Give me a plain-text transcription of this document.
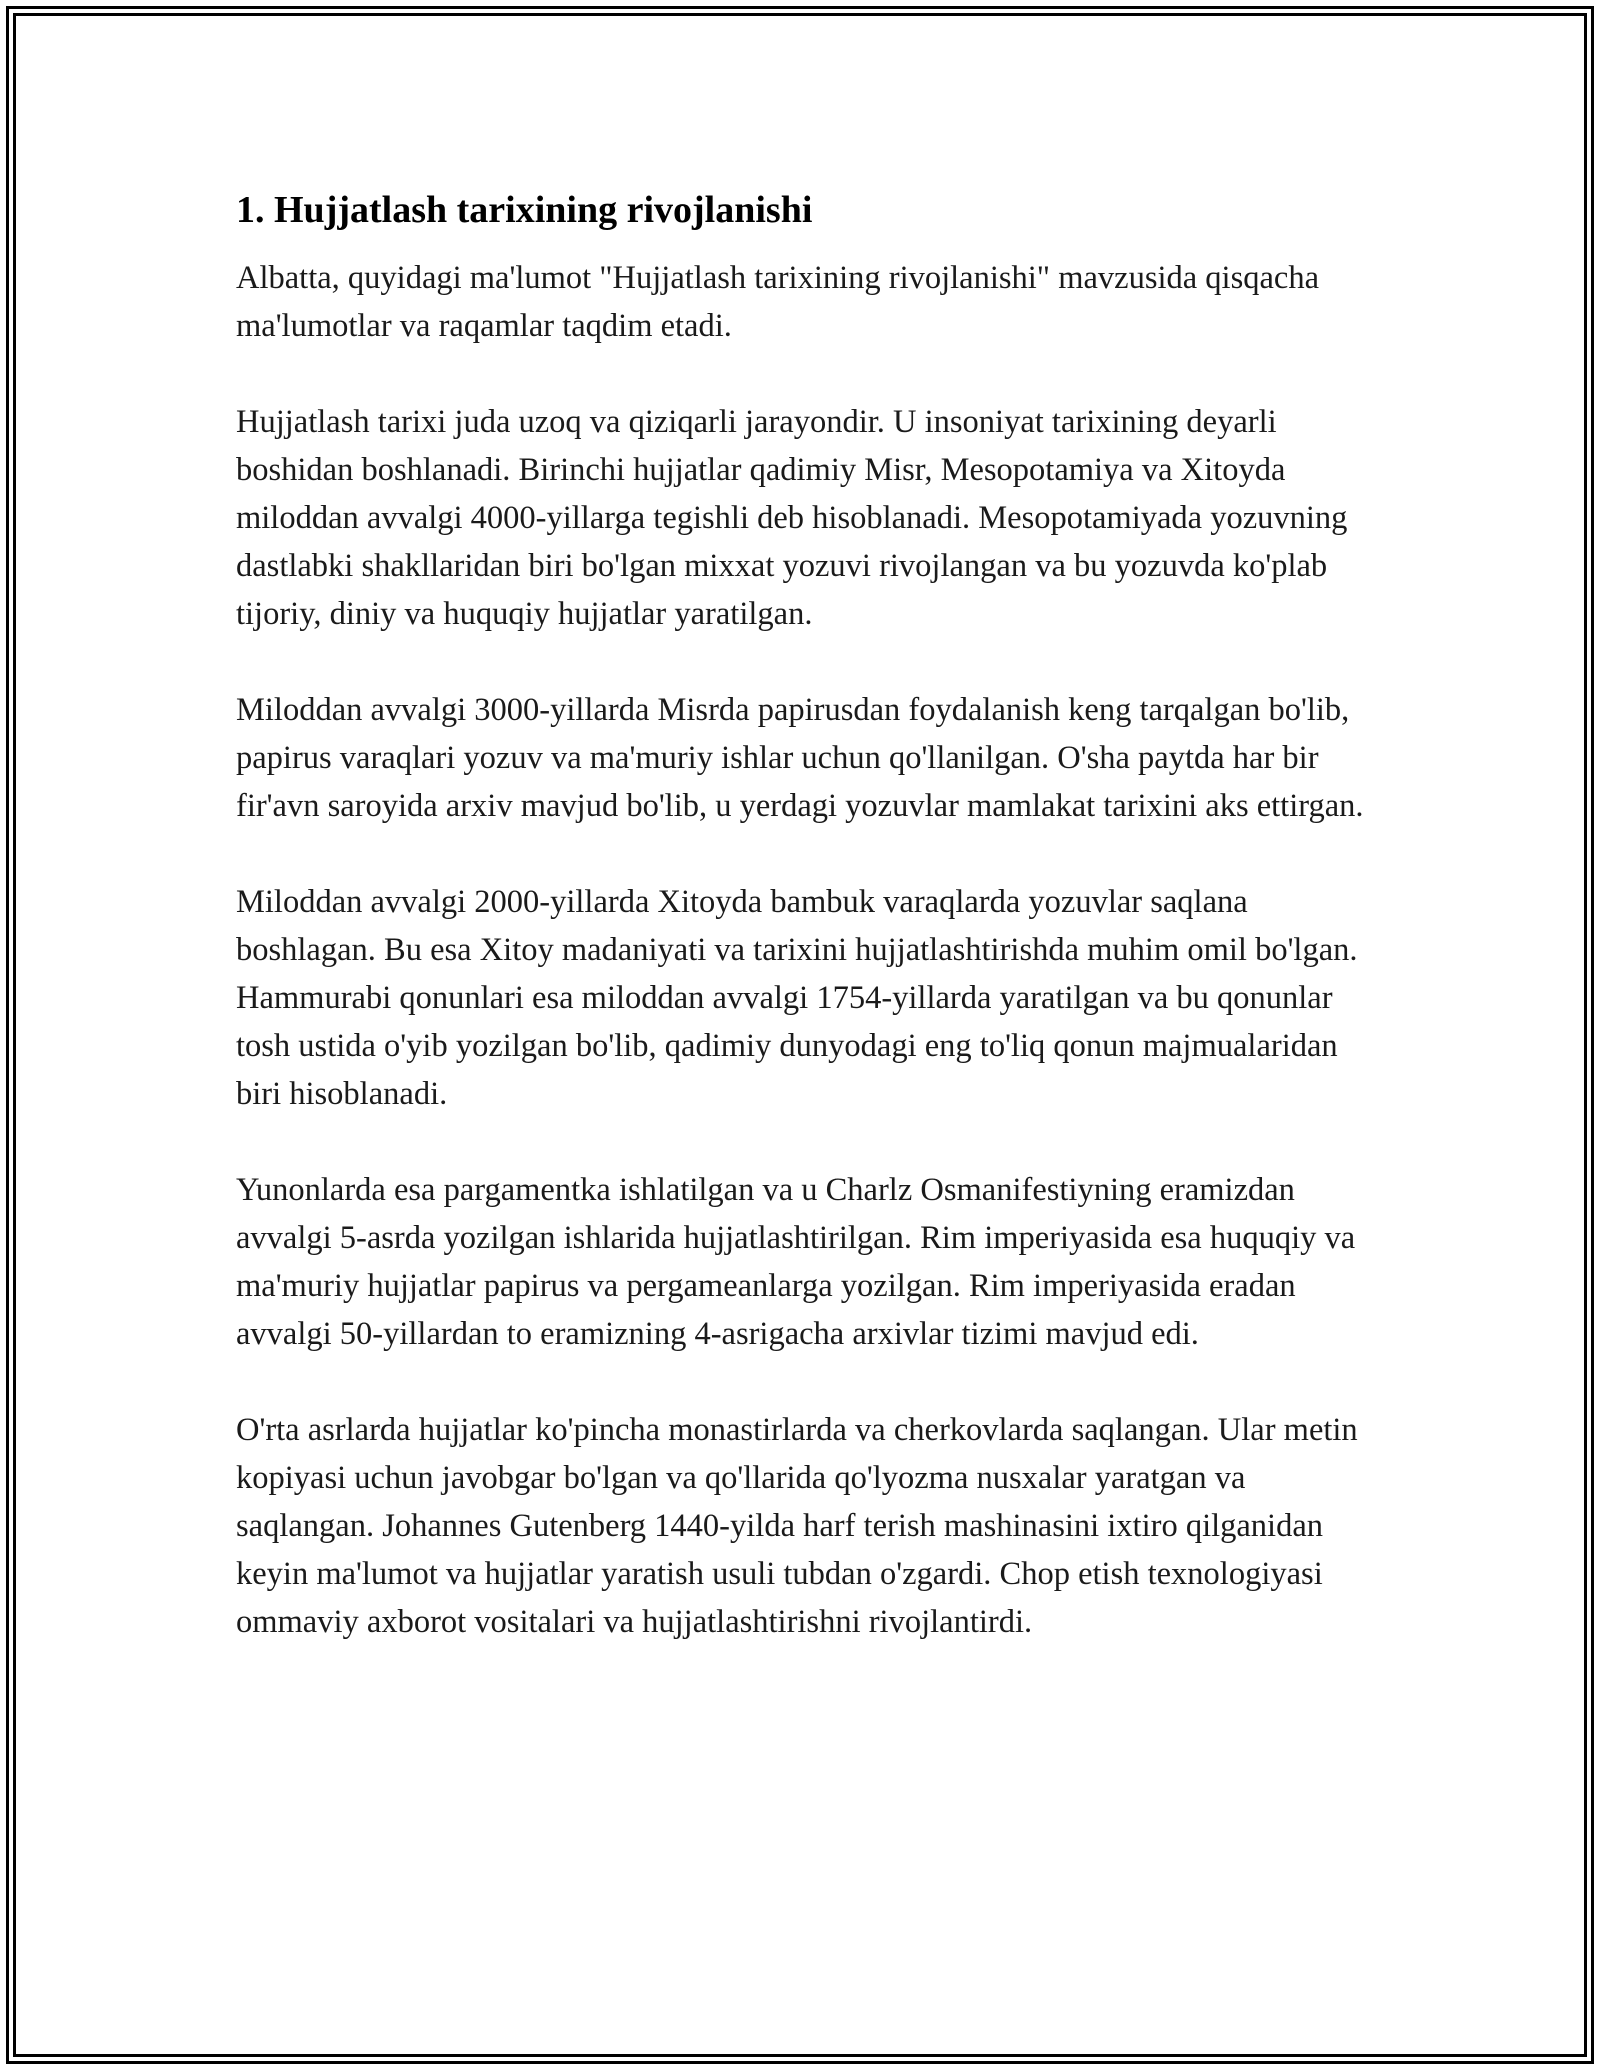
1. Hujjatlash tarixining rivojlanishi

Albatta, quyidagi ma'lumot "Hujjatlash tarixining rivojlanishi" mavzusida qisqacha ma'lumotlar va raqamlar taqdim etadi.

Hujjatlash tarixi juda uzoq va qiziqarli jarayondir. U insoniyat tarixining deyarli boshidan boshlanadi. Birinchi hujjatlar qadimiy Misr, Mesopotamiya va Xitoyda miloddan avvalgi 4000-yillarga tegishli deb hisoblanadi. Mesopotamiyada yozuvning dastlabki shakllaridan biri bo'lgan mixxat yozuvi rivojlangan va bu yozuvda ko'plab tijoriy, diniy va huquqiy hujjatlar yaratilgan.

Miloddan avvalgi 3000-yillarda Misrda papirusdan foydalanish keng tarqalgan bo'lib, papirus varaqlari yozuv va ma'muriy ishlar uchun qo'llanilgan. O'sha paytda har bir fir'avn saroyida arxiv mavjud bo'lib, u yerdagi yozuvlar mamlakat tarixini aks ettirgan.

Miloddan avvalgi 2000-yillarda Xitoyda bambuk varaqlarda yozuvlar saqlana boshlagan. Bu esa Xitoy madaniyati va tarixini hujjatlashtirishda muhim omil bo'lgan. Hammurabi qonunlari esa miloddan avvalgi 1754-yillarda yaratilgan va bu qonunlar tosh ustida o'yib yozilgan bo'lib, qadimiy dunyodagi eng to'liq qonun majmualaridan biri hisoblanadi.

Yunonlarda esa pargamentka ishlatilgan va u Charlz Osmanifestiyning eramizdan avvalgi 5-asrda yozilgan ishlarida hujjatlashtirilgan. Rim imperiyasida esa huquqiy va ma'muriy hujjatlar papirus va pergameanlarga yozilgan. Rim imperiyasida eradan avvalgi 50-yillardan to eramizning 4-asrigacha arxivlar tizimi mavjud edi.

O'rta asrlarda hujjatlar ko'pincha monastirlarda va cherkovlarda saqlangan. Ular metin kopiyasi uchun javobgar bo'lgan va qo'llarida qo'lyozma nusxalar yaratgan va saqlangan. Johannes Gutenberg 1440-yilda harf terish mashinasini ixtiro qilganidan keyin ma'lumot va hujjatlar yaratish usuli tubdan o'zgardi. Chop etish texnologiyasi ommaviy axborot vositalari va hujjatlashtirishni rivojlantirdi.
